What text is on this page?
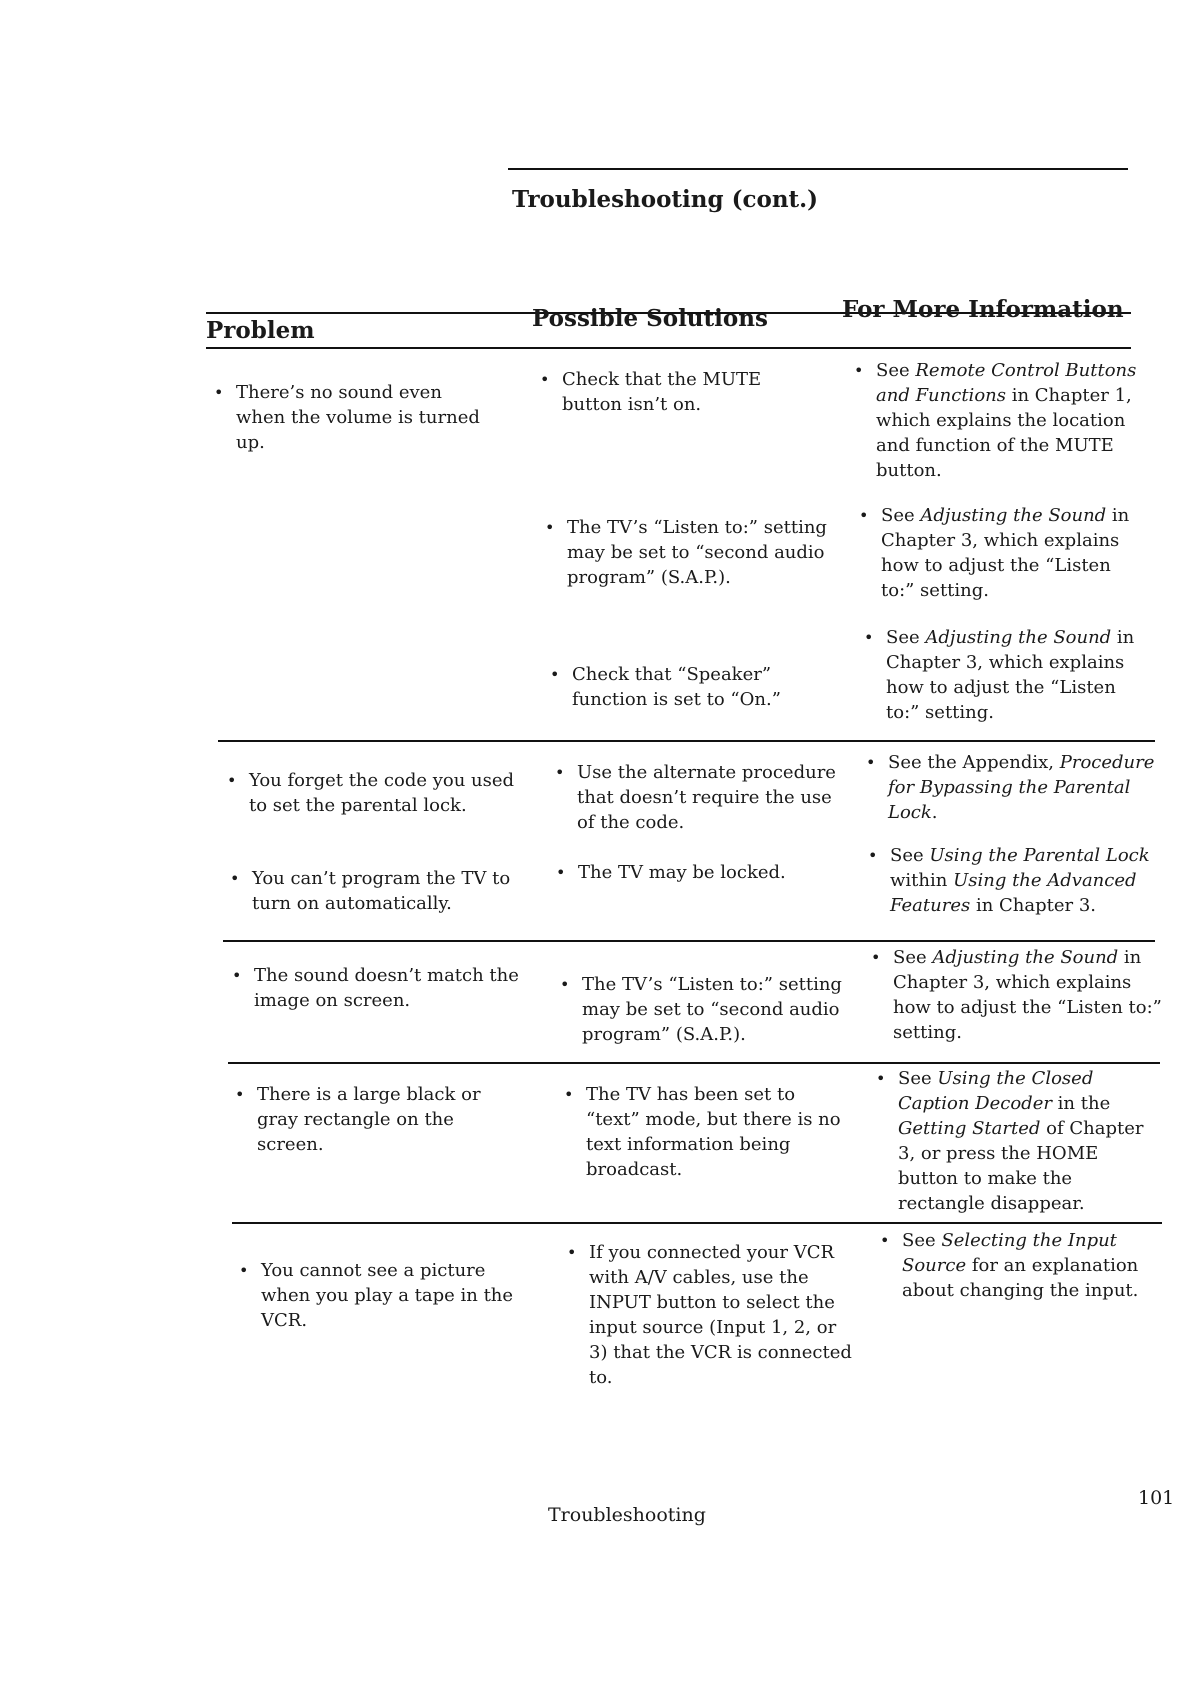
Troubleshooting (cont.)
Problem	Possible Solutions	For More Information
• There’s no sound even when the volume is turned up.
• Check that the MUTE button isn’t on.
• The TV’s “Listen to:” setting may be set to “second audio program” (S.A.P.).
• Check that “Speaker” function is set to “On.”
• See Remote Control Buttons and Functions in Chapter 1, which explains the location and function of the MUTE button.
• See Adjusting the Sound in Chapter 3, which explains how to adjust the “Listen to:” setting.
• See Adjusting the Sound in Chapter 3, which explains how to adjust the “Listen to:” setting.
• You forget the code you used to set the parental lock.
• Use the alternate procedure that doesn’t require the use of the code.
• See the Appendix, Procedure for Bypassing the Parental Lock.
• You can’t program the TV to turn on automatically.
• The TV may be locked.
• See Using the Parental Lock within Using the Advanced Features in Chapter 3.
• The sound doesn’t match the image on screen.
• The TV’s “Listen to:” setting may be set to “second audio program” (S.A.P.).
• See Adjusting the Sound in Chapter 3, which explains how to adjust the “Listen to:” setting.
• There is a large black or gray rectangle on the screen.
• The TV has been set to “text” mode, but there is no text information being broadcast.
• See Using the Closed Caption Decoder in the Getting Started of Chapter 3, or press the HOME button to make the rectangle disappear.
• You cannot see a picture when you play a tape in the VCR.
• If you connected your VCR with A/V cables, use the INPUT button to select the input source (Input 1, 2, or 3) that the VCR is connected to.
• See Selecting the Input Source for an explanation about changing the input.
Troubleshooting
101
